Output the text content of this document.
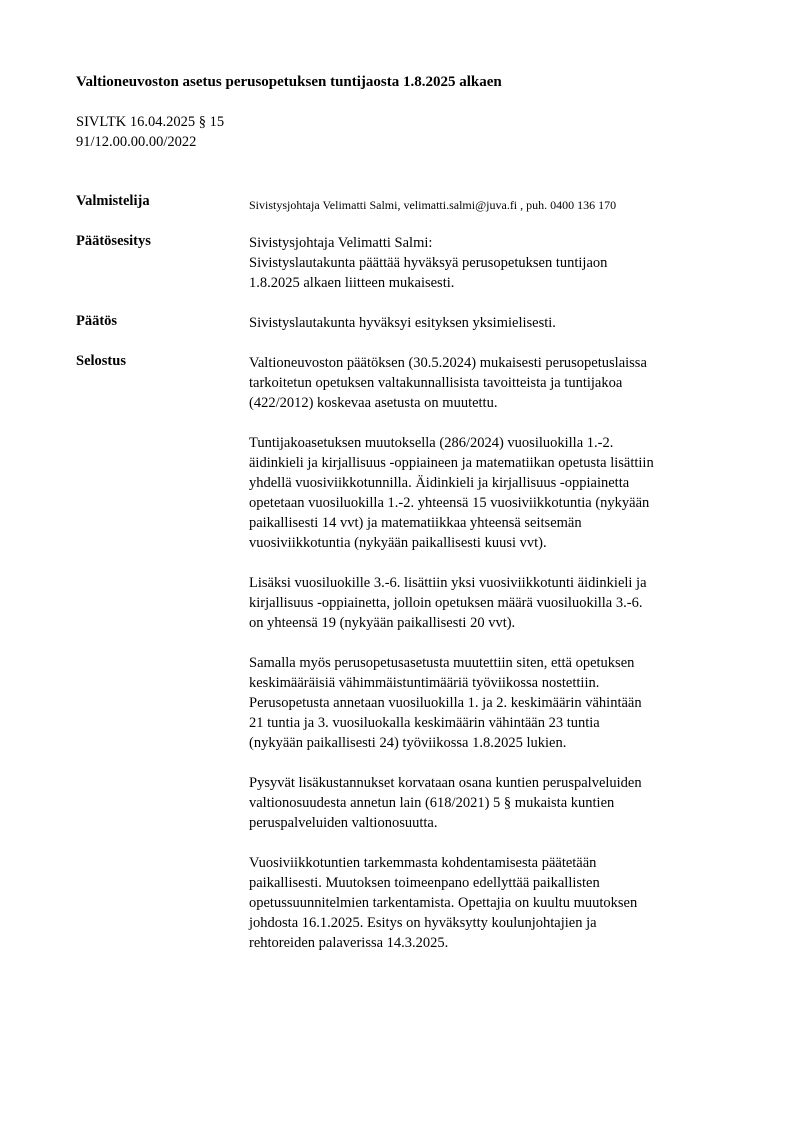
Valtioneuvoston asetus perusopetuksen tuntijaosta 1.8.2025 alkaen
SIVLTK 16.04.2025 § 15
91/12.00.00.00/2022
Valmistelija	Sivistysjohtaja Velimatti Salmi, velimatti.salmi@juva.fi , puh. 0400 136 170
Päätösesitys	Sivistysjohtaja Velimatti Salmi:
Sivistyslautakunta päättää hyväksyä perusopetuksen tuntijaon
1.8.2025 alkaen liitteen mukaisesti.
Päätös	Sivistyslautakunta hyväksyi esityksen yksimielisesti.
Selostus	Valtioneuvoston päätöksen (30.5.2024) mukaisesti perusopetuslaissa
tarkoitetun opetuksen valtakunnallisista tavoitteista ja tuntijakoa
(422/2012) koskevaa asetusta on muutettu.
Tuntijakoasetuksen muutoksella (286/2024) vuosiluokilla 1.-2.
äidinkieli ja kirjallisuus -oppiaineen ja matematiikan opetusta lisättiin
yhdellä vuosiviikkotunnilla. Äidinkieli ja kirjallisuus -oppiainetta
opetetaan vuosiluokilla 1.-2. yhteensä 15 vuosiviikkotuntia (nykyään
paikallisesti 14 vvt) ja matematiikkaa yhteensä seitsemän
vuosiviikkotuntia (nykyään paikallisesti kuusi vvt).
Lisäksi vuosiluokille 3.-6. lisättiin yksi vuosiviikkotunti äidinkieli ja
kirjallisuus -oppiainetta, jolloin opetuksen määrä vuosiluokilla 3.-6.
on yhteensä 19 (nykyään paikallisesti 20 vvt).
Samalla myös perusopetusasetusta muutettiin siten, että opetuksen
keskimääräisiä vähimmäistuntimääriä työviikossa nostettiin.
Perusopetusta annetaan vuosiluokilla 1. ja 2. keskimäärin vähintään
21 tuntia ja 3. vuosiluokalla keskimäärin vähintään 23 tuntia
(nykyään paikallisesti 24) työviikossa 1.8.2025 lukien.
Pysyvät lisäkustannukset korvataan osana kuntien peruspalveluiden
valtionosuudesta annetun lain (618/2021) 5 § mukaista kuntien
peruspalveluiden valtionosuutta.
Vuosiviikkotuntien tarkemmasta kohdentamisesta päätetään
paikallisesti. Muutoksen toimeenpano edellyttää paikallisten
opetussuunnitelmien tarkentamista. Opettajia on kuultu muutoksen
johdosta 16.1.2025. Esitys on hyväksytty koulunjohtajien ja
rehtoreiden palaverissa 14.3.2025.
